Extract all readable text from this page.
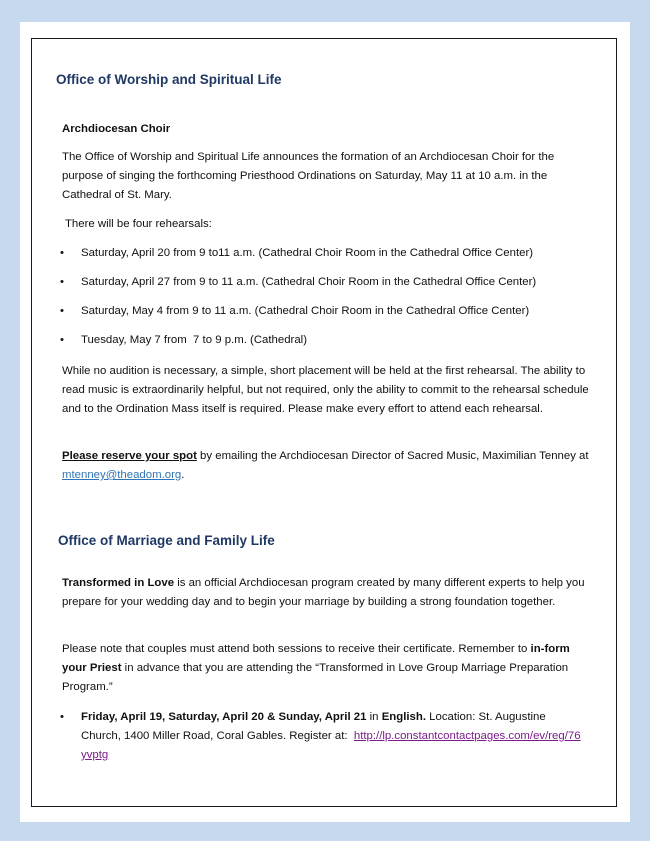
Office of Worship and Spiritual Life

Archdiocesan Choir

The Office of Worship and Spiritual Life announces the formation of an Archdiocesan Choir for the purpose of singing the forthcoming Priesthood Ordinations on Saturday, May 11 at 10 a.m. in the Cathedral of St. Mary.

There will be four rehearsals:

• Saturday, April 20 from 9 to11 a.m. (Cathedral Choir Room in the Cathedral Office Center)
• Saturday, April 27 from 9 to 11 a.m. (Cathedral Choir Room in the Cathedral Office Center)
• Saturday, May 4 from 9 to 11 a.m. (Cathedral Choir Room in the Cathedral Office Center)
• Tuesday, May 7 from  7 to 9 p.m. (Cathedral)

While no audition is necessary, a simple, short placement will be held at the first rehearsal. The ability to read music is extraordinarily helpful, but not required, only the ability to commit to the rehearsal schedule and to the Ordination Mass itself is required. Please make every effort to attend each rehearsal.

Please reserve your spot by emailing the Archdiocesan Director of Sacred Music, Maximilian Tenney at mtenney@theadom.org.

Office of Marriage and Family Life

Transformed in Love is an official Archdiocesan program created by many different experts to help you prepare for your wedding day and to begin your marriage by building a strong foundation together.

Please note that couples must attend both sessions to receive their certificate. Remember to in-form your Priest in advance that you are attending the “Transformed in Love Group Marriage Preparation Program.”

• Friday, April 19, Saturday, April 20 & Sunday, April 21 in English. Location: St. Augustine Church, 1400 Miller Road, Coral Gables. Register at:  http://lp.constantcontactpages.com/ev/reg/76yvptg
